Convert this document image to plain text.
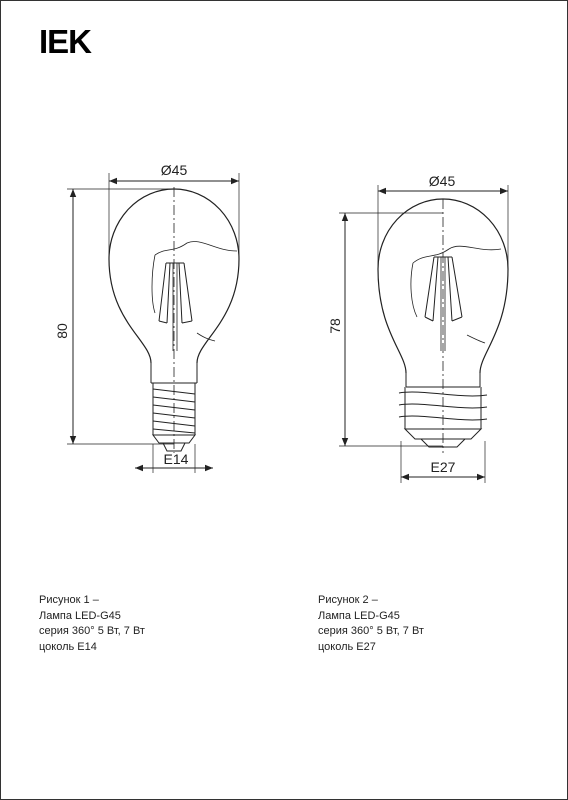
IEK
Ø45
80
E14
Ø45
78
E27
Рисунок 1 –
Лампа LED-G45
серия 360° 5 Вт, 7 Вт
цоколь Е14
Рисунок 2 –
Лампа LED-G45
серия 360° 5 Вт, 7 Вт
цоколь Е27
